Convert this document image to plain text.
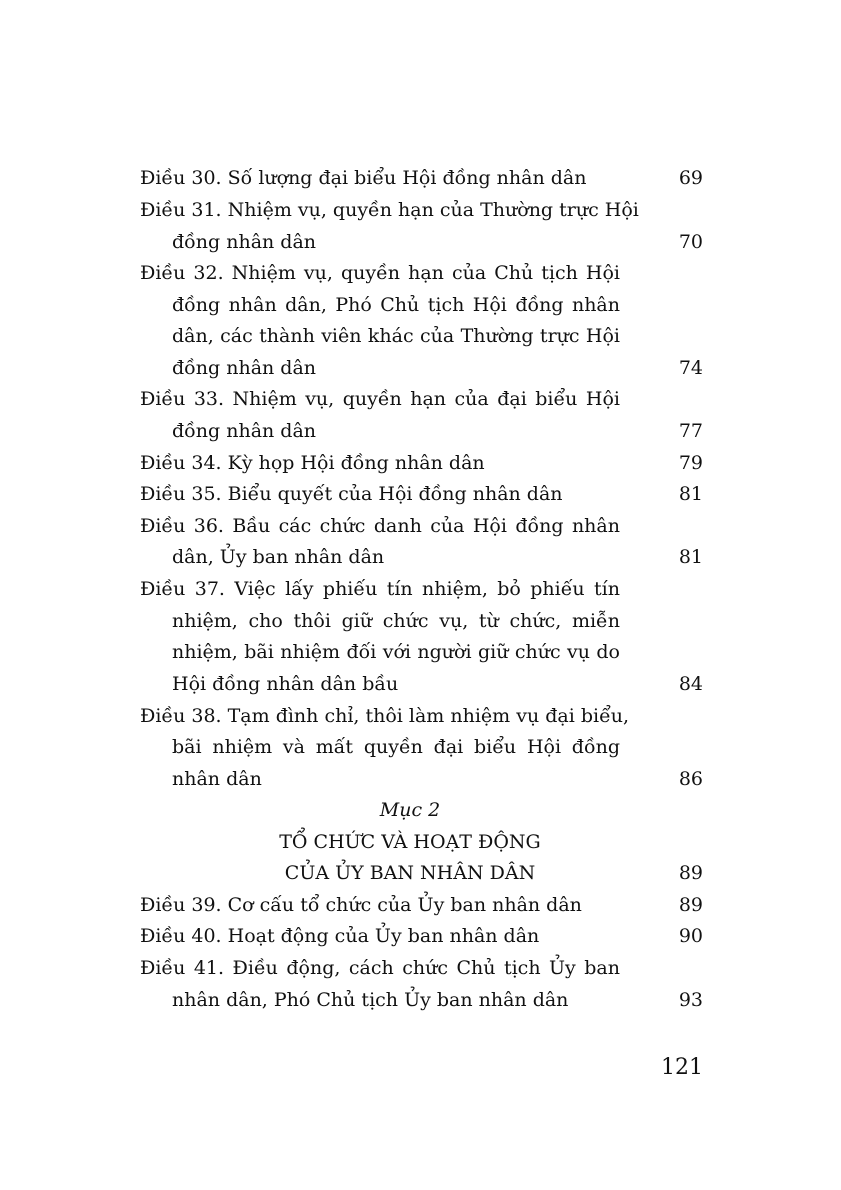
Điều 30. Số lượng đại biểu Hội đồng nhân dân	69
Điều 31. Nhiệm vụ, quyền hạn của Thường trực Hội
đồng nhân dân	70
Điều 32. Nhiệm vụ, quyền hạn của Chủ tịch Hội
đồng nhân dân, Phó Chủ tịch Hội đồng nhân
dân, các thành viên khác của Thường trực Hội
đồng nhân dân	74
Điều 33. Nhiệm vụ, quyền hạn của đại biểu Hội
đồng nhân dân	77
Điều 34. Kỳ họp Hội đồng nhân dân	79
Điều 35. Biểu quyết của Hội đồng nhân dân	81
Điều 36. Bầu các chức danh của Hội đồng nhân
dân, Ủy ban nhân dân	81
Điều 37. Việc lấy phiếu tín nhiệm, bỏ phiếu tín
nhiệm, cho thôi giữ chức vụ, từ chức, miễn
nhiệm, bãi nhiệm đối với người giữ chức vụ do
Hội đồng nhân dân bầu	84
Điều 38. Tạm đình chỉ, thôi làm nhiệm vụ đại biểu,
bãi nhiệm và mất quyền đại biểu Hội đồng
nhân dân	86
Mục 2
TỔ CHỨC VÀ HOẠT ĐỘNG
CỦA ỦY BAN NHÂN DÂN	89
Điều 39. Cơ cấu tổ chức của Ủy ban nhân dân	89
Điều 40. Hoạt động của Ủy ban nhân dân	90
Điều 41. Điều động, cách chức Chủ tịch Ủy ban
nhân dân, Phó Chủ tịch Ủy ban nhân dân	93
121
